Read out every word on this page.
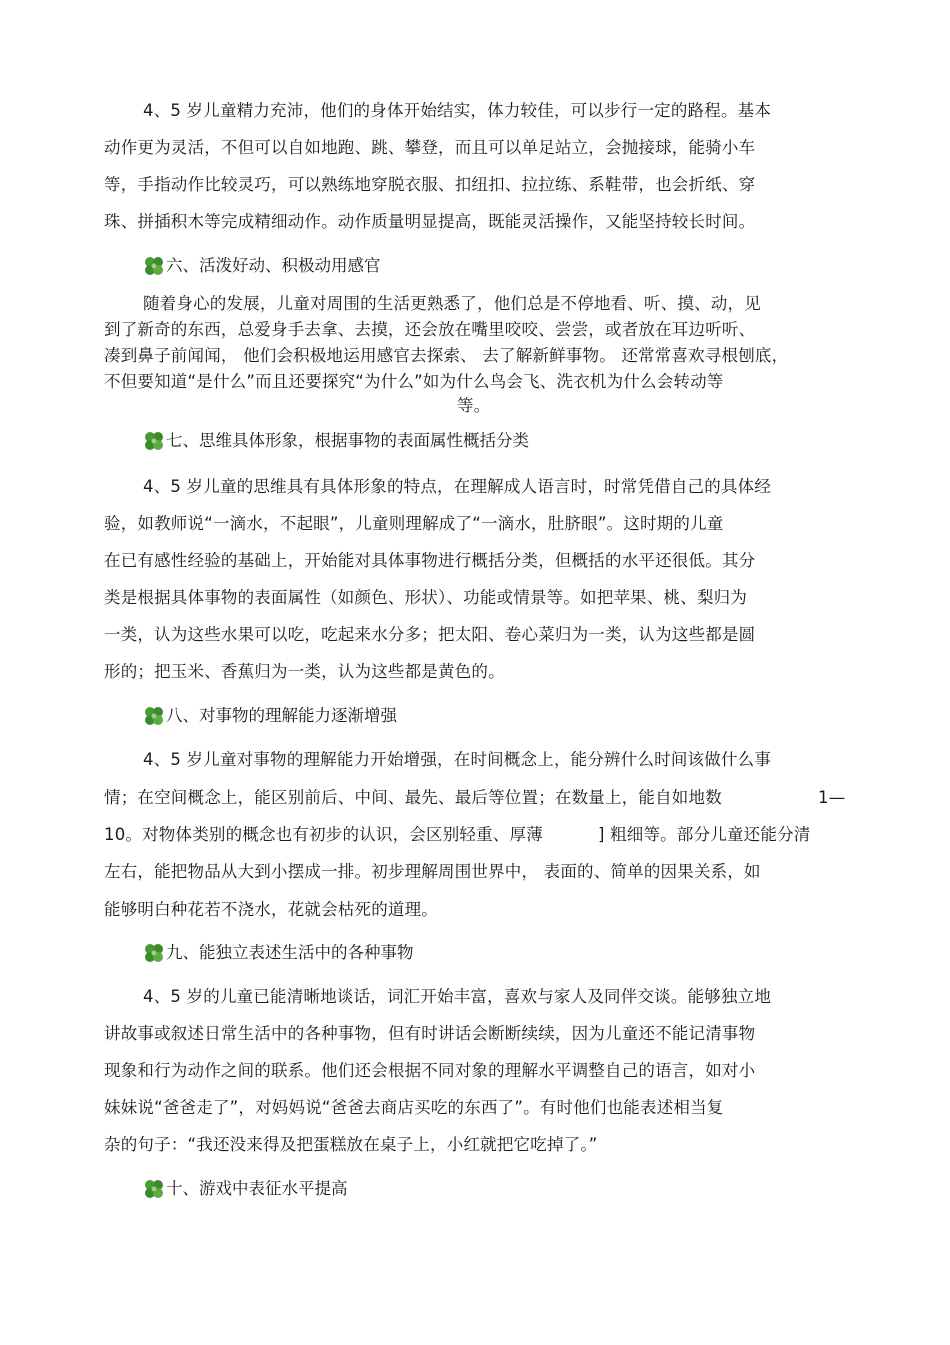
4、5 岁儿童精力充沛，他们的身体开始结实，体力较佳，可以步行一定的路程。基本
动作更为灵活，不但可以自如地跑、跳、攀登，而且可以单足站立，会抛接球，能骑小车
等，手指动作比较灵巧，可以熟练地穿脱衣服、扣纽扣、拉拉练、系鞋带，也会折纸、穿
珠、拼插积木等完成精细动作。动作质量明显提高，既能灵活操作，又能坚持较长时间。
六、活泼好动、积极动用感官
随着身心的发展，儿童对周围的生活更熟悉了，他们总是不停地看、听、摸、动，见
到了新奇的东西，总爱身手去拿、去摸，还会放在嘴里咬咬、尝尝，或者放在耳边听听、
凑到鼻子前闻闻， 他们会积极地运用感官去探索、 去了解新鲜事物。 还常常喜欢寻根刨底，
不但要知道“是什么”而且还要探究“为什么”如为什么鸟会飞、洗衣机为什么会转动等
等。
七、思维具体形象，根据事物的表面属性概括分类
4、5 岁儿童的思维具有具体形象的特点，在理解成人语言时，时常凭借自己的具体经
验，如教师说“一滴水，不起眼”，儿童则理解成了“一滴水，肚脐眼”。这时期的儿童
在已有感性经验的基础上，开始能对具体事物进行概括分类，但概括的水平还很低。其分
类是根据具体事物的表面属性（如颜色、形状）、功能或情景等。如把苹果、桃、梨归为
一类，认为这些水果可以吃，吃起来水分多；把太阳、卷心菜归为一类，认为这些都是圆
形的；把玉米、香蕉归为一类，认为这些都是黄色的。
八、对事物的理解能力逐渐增强
4、5 岁儿童对事物的理解能力开始增强，在时间概念上，能分辨什么时间该做什么事
情；在空间概念上，能区别前后、中间、最先、最后等位置；在数量上，能自如地数	1—
10。对物体类别的概念也有初步的认识，会区别轻重、厚薄	] 粗细等。部分儿童还能分清
左右，能把物品从大到小摆成一排。初步理解周围世界中， 表面的、简单的因果关系，如
能够明白种花若不浇水，花就会枯死的道理。
九、能独立表述生活中的各种事物
4、5 岁的儿童已能清晰地谈话，词汇开始丰富，喜欢与家人及同伴交谈。能够独立地
讲故事或叙述日常生活中的各种事物，但有时讲话会断断续续，因为儿童还不能记清事物
现象和行为动作之间的联系。他们还会根据不同对象的理解水平调整自己的语言，如对小
妹妹说“爸爸走了”，对妈妈说“爸爸去商店买吃的东西了”。有时他们也能表述相当复
杂的句子：“我还没来得及把蛋糕放在桌子上，小红就把它吃掉了。”
十、游戏中表征水平提高
